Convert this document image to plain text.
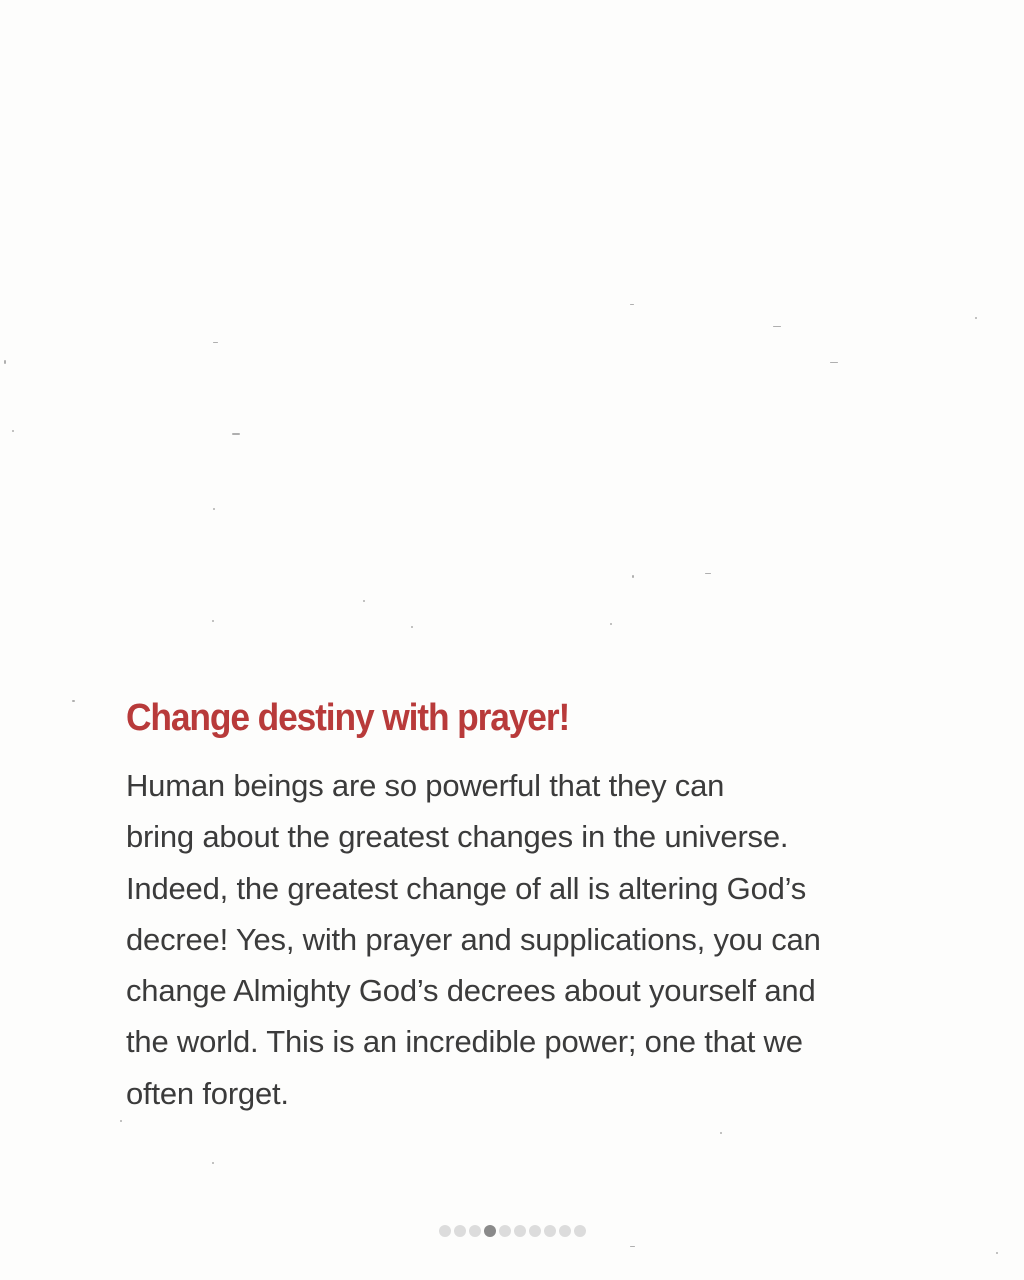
Change destiny with prayer!

Human beings are so powerful that they can
bring about the greatest changes in the universe.
Indeed, the greatest change of all is altering God’s
decree! Yes, with prayer and supplications, you can
change Almighty God’s decrees about yourself and
the world. This is an incredible power; one that we
often forget.
